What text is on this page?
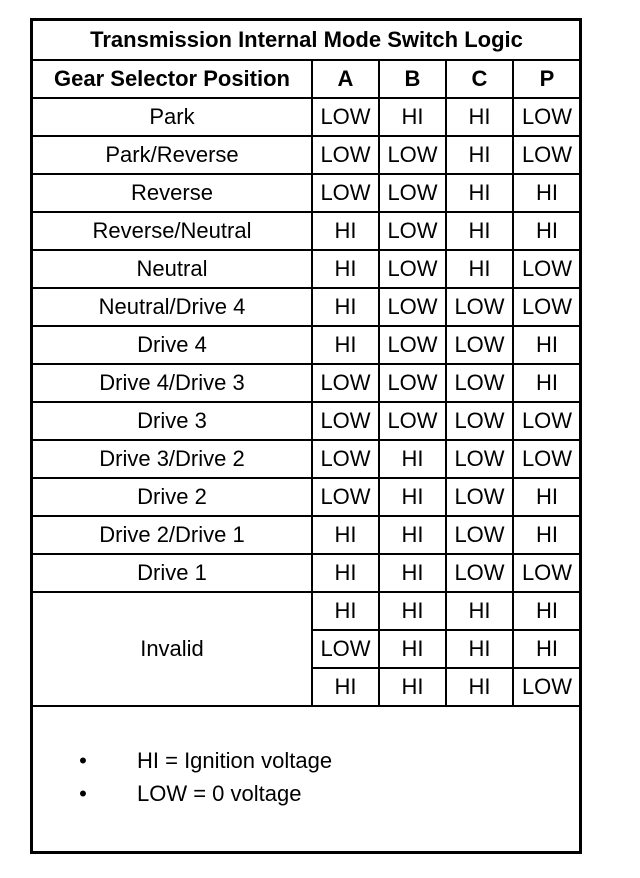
Transmission Internal Mode Switch Logic				
Gear Selector Position	A	B	C	P
Park	LOW	HI	HI	LOW
Park/Reverse	LOW	LOW	HI	LOW
Reverse	LOW	LOW	HI	HI
Reverse/Neutral	HI	LOW	HI	HI
Neutral	HI	LOW	HI	LOW
Neutral/Drive 4	HI	LOW	LOW	LOW
Drive 4	HI	LOW	LOW	HI
Drive 4/Drive 3	LOW	LOW	LOW	HI
Drive 3	LOW	LOW	LOW	LOW
Drive 3/Drive 2	LOW	HI	LOW	LOW
Drive 2	LOW	HI	LOW	HI
Drive 2/Drive 1	HI	HI	LOW	HI
Drive 1	HI	HI	LOW	LOW
Invalid	HI	HI	HI	HI
	LOW	HI	HI	HI
	HI	HI	HI	LOW
•	HI = Ignition voltage
•	LOW = 0 voltage
